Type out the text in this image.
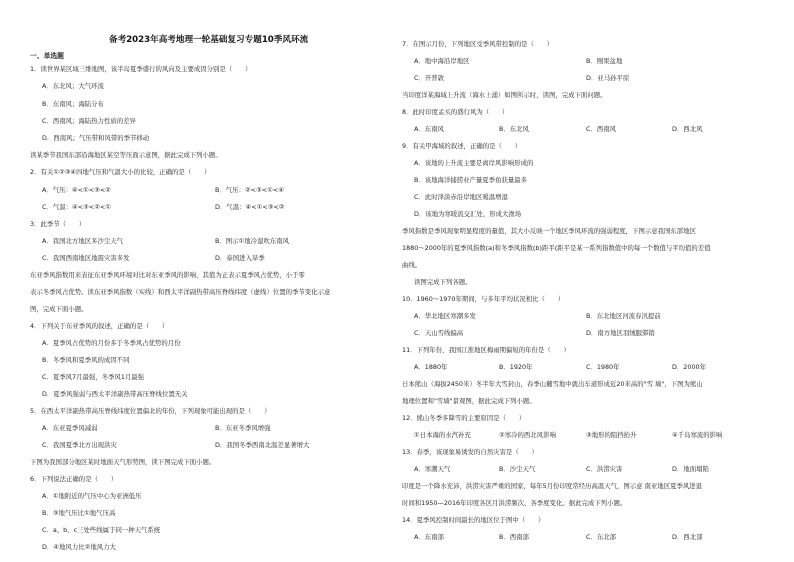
备考2023年高考地理一轮基础复习专题10季风环流
一、单选题
1．读世界某区域三维地图，该半岛夏季盛行的风向及主要成因分别是（　　）
A．东北风；大气环流
B．东南风；海陆分布
C．西南风；海陆热力性质的差异
D．西南风；气压带和风带的季节移动
读某季节我国东部沿海地区某空等压面示意图，据此完成下列小题。
2．有关①②③④四地气压和气温大小的比较，正确的是（　　）
A．气压：④<①<③<②	B．气压：②<③<①<④
C．气温：④<③<②<①	D．气温：④<①<③<②
3．此季节（　　）
A．我国北方地区多沙尘天气	B．图示①地冷湿吹东南风
C．我国西南地区地震灾害多发	D．泰国进入旱季
东亚季风指数用来表征东亚季风环境对比对东亚季风的影响，其值为正表示夏季风占优势，小于零
表示冬季风占优势。读东亚季风指数（实线）和西太平洋副热带高压脊线纬度（虚线）位置的季节变化示意
图，完成下面小题。
4．下列关于东亚季风的叙述，正确的是（　　）
A．夏季风占优势的月份多于冬季风占优势的月份
B．冬季风和夏季风的成因不同
C．夏季风7月最强，冬季风1月最强
D．夏季风强弱与西太平洋副热带高压脊线位置无关
5．在西太平洋副热带高压脊线纬度位置偏北的年份，下列现象可能出现的是（　　）
A．东亚夏季风减弱	B．东亚冬季风增强
C．我国夏季北方出现洪灾	D．我国冬季西南北温差显著增大
下图为我国部分地区某时地面天气形势图，读下图完成下面小题。
6．下列说法正确的是（　　）
A．①地附近的气压中心为亚洲低压
B．③地气压比①地气压高
C．a、b、c三处些线属于同一种天气系统
D．④地风力比②地风力大
7．在图示月份，下列地区受季风带控制的是（　　）
A．地中海沿岸地区	B．刚果盆地
C．开普敦	D．亚马孙平原
当印度洋某海域上升流（海水上涌）如图所示时，读图，完成下面问题。
8．此时印度孟买的盛行风为（　　）
A．东南风	B．东北风	C．西南风	D．西北风
9．有关甲海域的叙述，正确的是（　　）
A．该地的上升流主要是离岸风影响形成的
B．该地海洋捕捞业产量夏季鱼获量最多
C．此时泽淡赤沿岸地区暖温增湿
D．该地为寒暖流交汇处，形成大渔场
季风指数是季风现象明显程度的量值，其大小反映一个地区季风环流的强弱程度，下图示意我国东部地区
1880～2000年的夏季风指数(a)和冬季风指数(b)距平(距平是某一系列指数值中的每一个数值与平均值的差值
曲线。
读图完成下列各题。
10．1960～1970年期间，与多年平均状况相比（　　）
A．华北地区寒潮多发	B．东北地区河流春汛提前
C．天山雪线偏高	D．南方地区羽绒服滞销
11．下列年份，我国江淮地区梅雨期偏短的年份是（　　）
A．1880年	B．1920年	C．1980年	D．2000年
日本熊山（海拔2450米）冬半年大雪封山，春季山麓雪地中就出车道形成近20米高的"雪 墙"，下图为熊山
地理位置和"雪墙"景观图，据此完成下列小题。
12．熊山冬季多降雪的主要原因是（　　）
①日本海的水汽补充	②寒冷的西北风影响	③地形的阻挡抬升	④千岛寒流的影响
13．春季，该现象易诱发的自然灾害是（　　）
A．寒潮天气	B．沙尘天气	C．洪涝灾害	D．地面塌陷
印度是一个降水充沛，洪涝灾害严重的国家，每年5月份印度常经历高温天气，图示意 南亚地区夏季风进退
时间和1950—2016年印度各区月洪涝频次、各季度变化。据此完成下列小题。
14．夏季风控制时间最长的地区位于图中（　　）
A．东南部	B．西南部	C．东北部	D．西北部
